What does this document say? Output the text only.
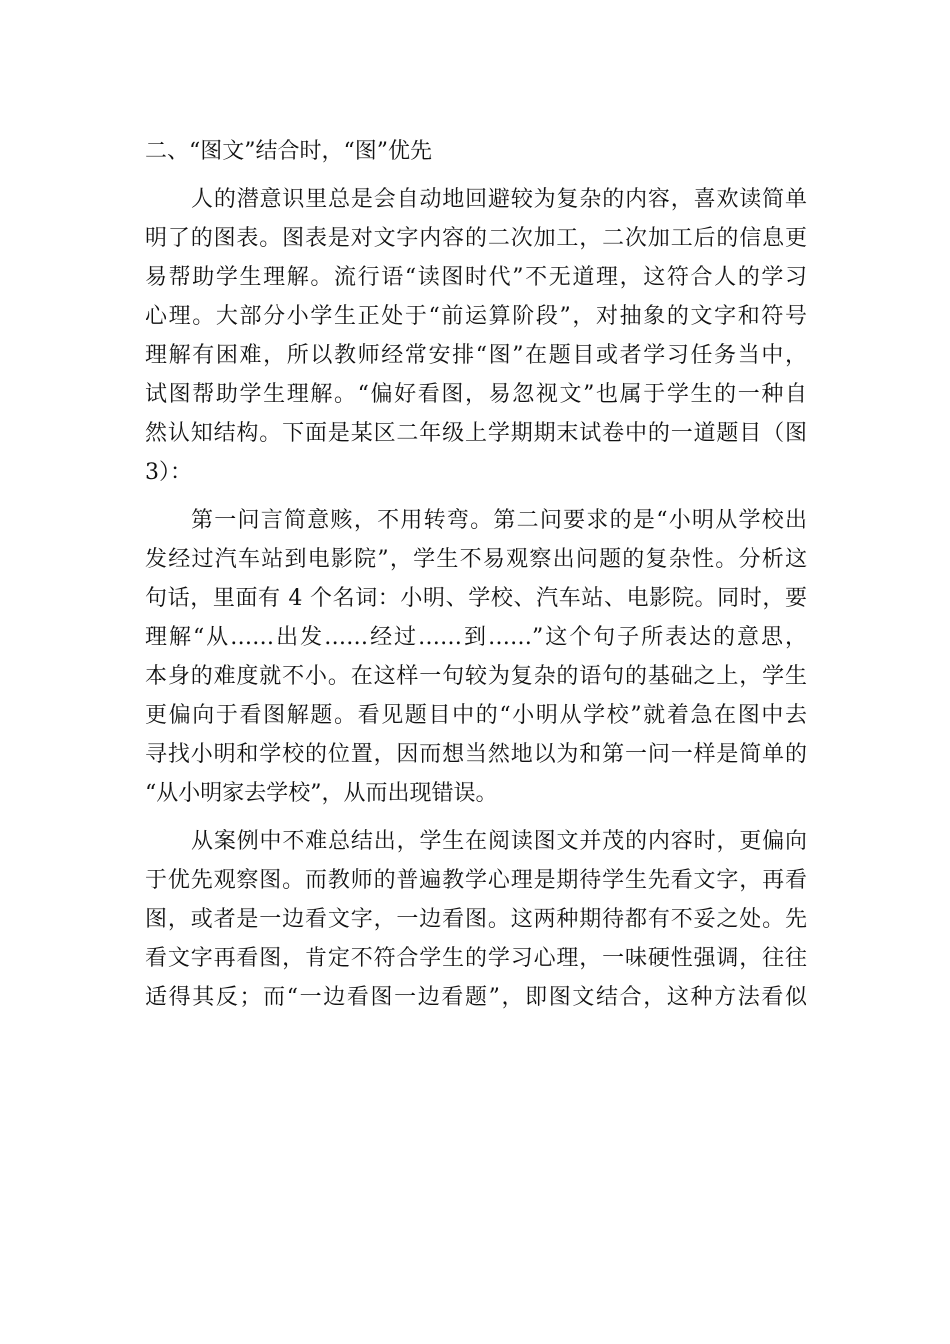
二、“图文”结合时，“图”优先
人的潜意识里总是会自动地回避较为复杂的内容，喜欢读简单
明了的图表。图表是对文字内容的二次加工，二次加工后的信息更
易帮助学生理解。流行语“读图时代”不无道理，这符合人的学习
心理。大部分小学生正处于“前运算阶段”，对抽象的文字和符号
理解有困难，所以教师经常安排“图”在题目或者学习任务当中，
试图帮助学生理解。“偏好看图，易忽视文”也属于学生的一种自
然认知结构。下面是某区二年级上学期期末试卷中的一道题目（图
3）：
第一问言简意赅，不用转弯。第二问要求的是“小明从学校出
发经过汽车站到电影院”，学生不易观察出问题的复杂性。分析这
句话，里面有 4 个名词：小明、学校、汽车站、电影院。同时，要
理解“从……出发……经过……到……”这个句子所表达的意思，
本身的难度就不小。在这样一句较为复杂的语句的基础之上，学生
更偏向于看图解题。看见题目中的“小明从学校”就着急在图中去
寻找小明和学校的位置，因而想当然地以为和第一问一样是简单的
“从小明家去学校”，从而出现错误。
从案例中不难总结出，学生在阅读图文并茂的内容时，更偏向
于优先观察图。而教师的普遍教学心理是期待学生先看文字，再看
图，或者是一边看文字，一边看图。这两种期待都有不妥之处。先
看文字再看图，肯定不符合学生的学习心理，一味硬性强调，往往
适得其反；而“一边看图一边看题”，即图文结合，这种方法看似
